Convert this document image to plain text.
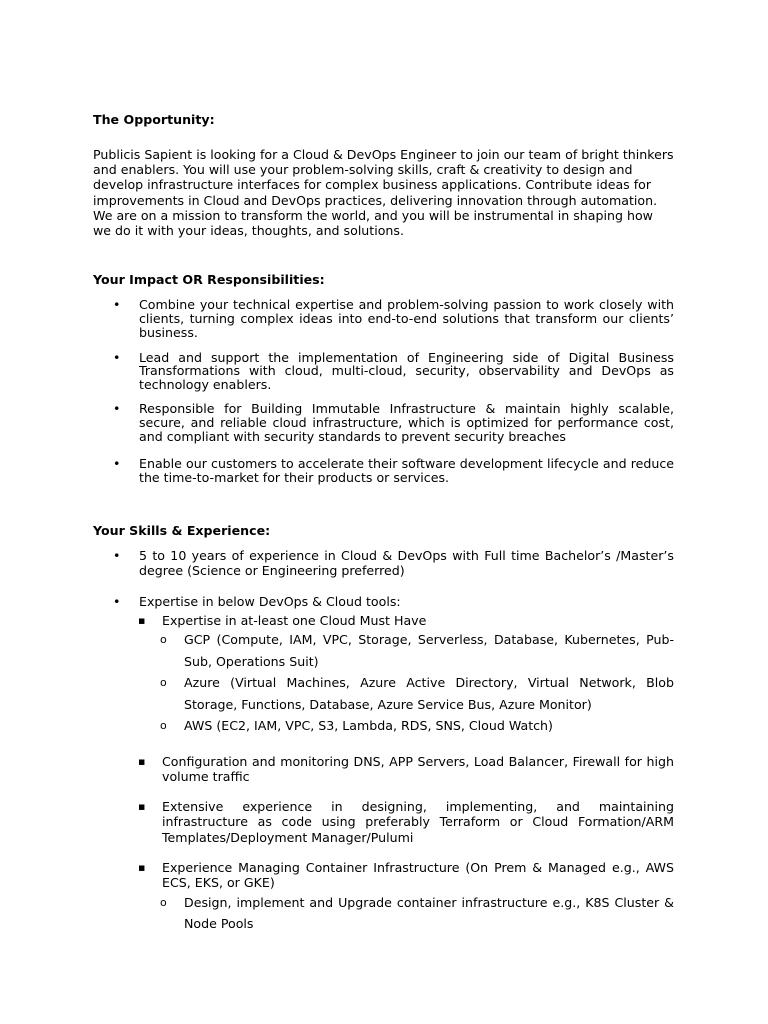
The Opportunity:

Publicis Sapient is looking for a Cloud & DevOps Engineer to join our team of bright thinkers and enablers. You will use your problem-solving skills, craft & creativity to design and develop infrastructure interfaces for complex business applications. Contribute ideas for improvements in Cloud and DevOps practices, delivering innovation through automation. We are on a mission to transform the world, and you will be instrumental in shaping how we do it with your ideas, thoughts, and solutions.

Your Impact OR Responsibilities:

• Combine your technical expertise and problem-solving passion to work closely with clients, turning complex ideas into end-to-end solutions that transform our clients’ business.
• Lead and support the implementation of Engineering side of Digital Business Transformations with cloud, multi-cloud, security, observability and DevOps as technology enablers.
• Responsible for Building Immutable Infrastructure & maintain highly scalable, secure, and reliable cloud infrastructure, which is optimized for performance cost, and compliant with security standards to prevent security breaches
• Enable our customers to accelerate their software development lifecycle and reduce the time-to-market for their products or services.

Your Skills & Experience:

• 5 to 10 years of experience in Cloud & DevOps with Full time Bachelor’s /Master’s degree (Science or Engineering preferred)
• Expertise in below DevOps & Cloud tools:
▪ Expertise in at-least one Cloud Must Have
o GCP (Compute, IAM, VPC, Storage, Serverless, Database, Kubernetes, Pub-Sub, Operations Suit)
o Azure (Virtual Machines, Azure Active Directory, Virtual Network, Blob Storage, Functions, Database, Azure Service Bus, Azure Monitor)
o AWS (EC2, IAM, VPC, S3, Lambda, RDS, SNS, Cloud Watch)
▪ Configuration and monitoring DNS, APP Servers, Load Balancer, Firewall for high volume traffic
▪ Extensive experience in designing, implementing, and maintaining infrastructure as code using preferably Terraform or Cloud Formation/ARM Templates/Deployment Manager/Pulumi
▪ Experience Managing Container Infrastructure (On Prem & Managed e.g., AWS ECS, EKS, or GKE)
o Design, implement and Upgrade container infrastructure e.g., K8S Cluster & Node Pools
